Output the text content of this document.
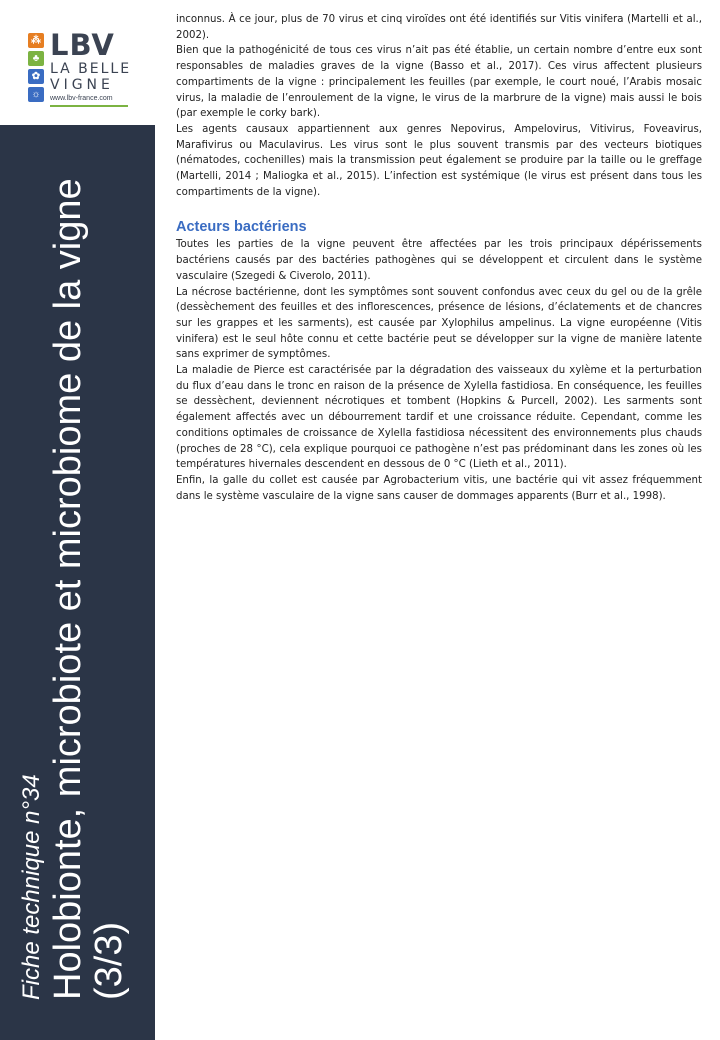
⁂
♣
✿
☼
LBV
LA BELLE
VIGNE
www.lbv-france.com
Fiche technique n°34 Holobionte, microbiote et microbiome de la vigne (3/3)

inconnus. À ce jour, plus de 70 virus et cinq viroïdes ont été identifiés sur Vitis vinifera (Martelli et al., 2002).

Bien que la pathogénicité de tous ces virus n’ait pas été établie, un certain nombre d’entre eux sont responsables de maladies graves de la vigne (Basso et al., 2017). Ces virus affectent plusieurs compartiments de la vigne : principalement les feuilles (par exemple, le court noué, l’Arabis mosaic virus, la maladie de l’enroulement de la vigne, le virus de la marbrure de la vigne) mais aussi le bois (par exemple le corky bark).

Les agents causaux appartiennent aux genres Nepovirus, Ampelovirus, Vitivirus, Foveavirus, Marafivirus ou Maculavirus. Les virus sont le plus souvent transmis par des vecteurs biotiques (nématodes, cochenilles) mais la transmission peut également se produire par la taille ou le greffage (Martelli, 2014 ; Maliogka et al., 2015). L’infection est systémique (le virus est présent dans tous les compartiments de la vigne).

Acteurs bactériens

Toutes les parties de la vigne peuvent être affectées par les trois principaux dépérissements bactériens causés par des bactéries pathogènes qui se développent et circulent dans le système vasculaire (Szegedi & Civerolo, 2011).

La nécrose bactérienne, dont les symptômes sont souvent confondus avec ceux du gel ou de la grêle (dessèchement des feuilles et des inflorescences, présence de lésions, d’éclatements et de chancres sur les grappes et les sarments), est causée par Xylophilus ampelinus. La vigne européenne (Vitis vinifera) est le seul hôte connu et cette bactérie peut se développer sur la vigne de manière latente sans exprimer de symptômes.

La maladie de Pierce est caractérisée par la dégradation des vaisseaux du xylème et la perturbation du flux d’eau dans le tronc en raison de la présence de Xylella fastidiosa. En conséquence, les feuilles se dessèchent, deviennent nécrotiques et tombent (Hopkins & Purcell, 2002). Les sarments sont également affectés avec un débourrement tardif et une croissance réduite. Cependant, comme les conditions optimales de croissance de Xylella fastidiosa nécessitent des environnements plus chauds (proches de 28 °C), cela explique pourquoi ce pathogène n’est pas prédominant dans les zones où les températures hivernales descendent en dessous de 0 °C (Lieth et al., 2011).

Enfin, la galle du collet est causée par Agrobacterium vitis, une bactérie qui vit assez fréquemment dans le système vasculaire de la vigne sans causer de dommages apparents (Burr et al., 1998).
